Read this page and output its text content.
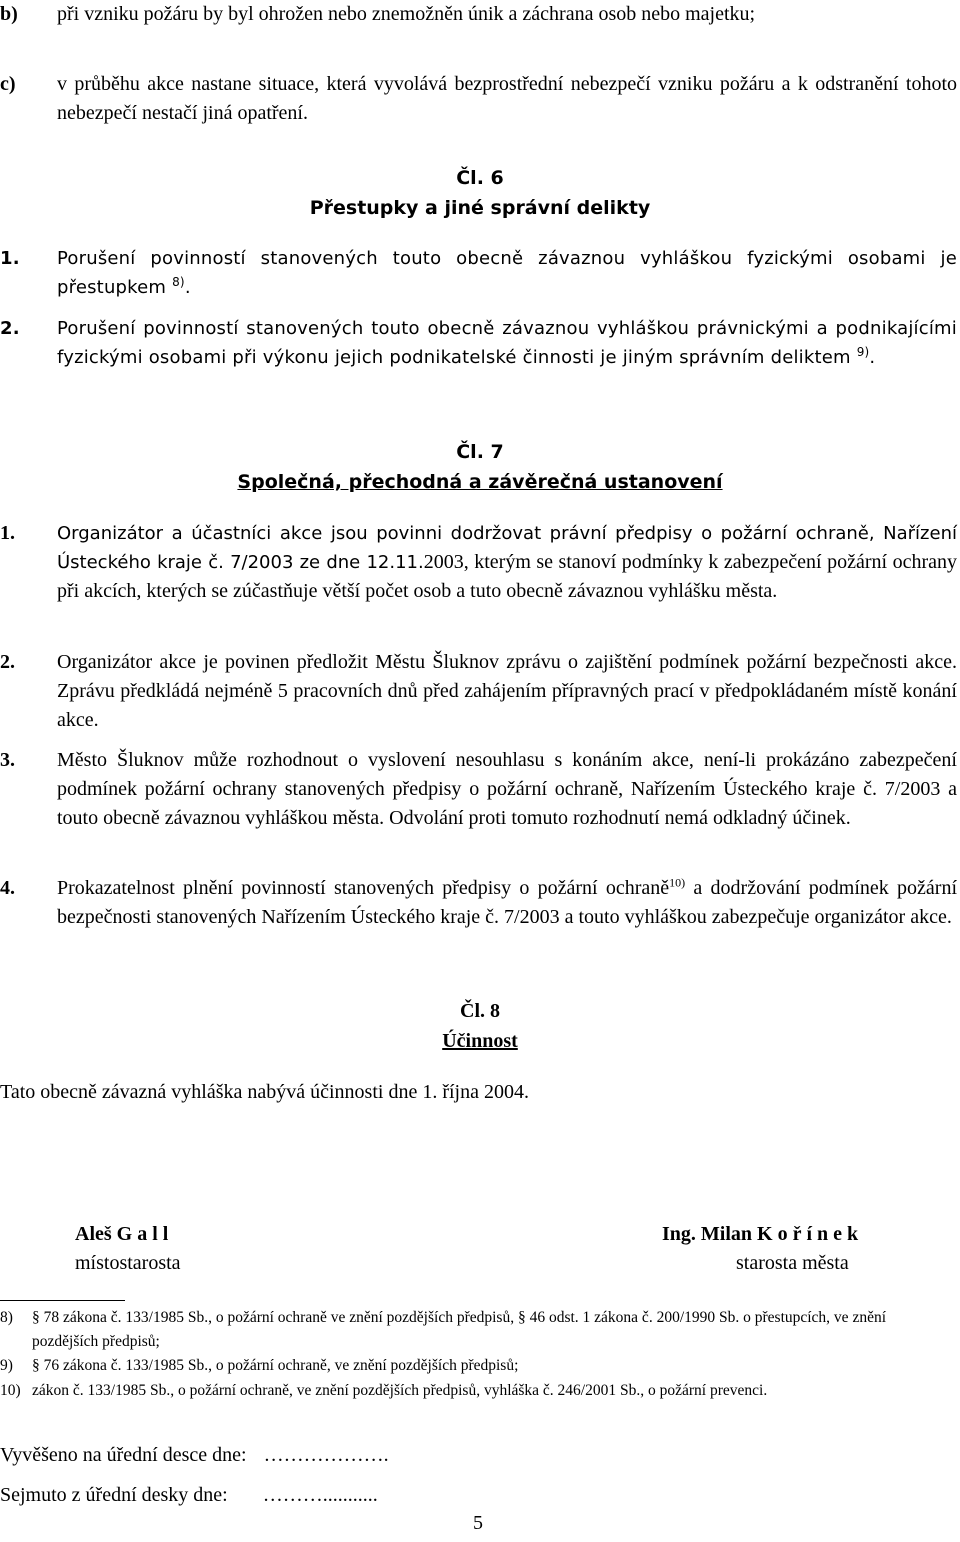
b) při vzniku požáru by byl ohrožen nebo znemožněn únik a záchrana osob nebo majetku;
c) v průběhu akce nastane situace, která vyvolává bezprostřední nebezpečí vzniku požáru a k odstranění tohoto nebezpečí nestačí jiná opatření.
Čl. 6
Přestupky a jiné správní delikty
1. Porušení povinností stanovených touto obecně závaznou vyhláškou fyzickými osobami je přestupkem $^{8)}$.
2. Porušení povinností stanovených touto obecně závaznou vyhláškou právnickými a podnikajícími fyzickými osobami při výkonu jejich podnikatelské činnosti je jiným správním deliktem $^{9)}$.
Čl. 7
Společná, přechodná a závěrečná ustanovení
1. Organizátor a účastníci akce jsou povinni dodržovat právní předpisy o požární ochraně, Nařízení Ústeckého kraje č. 7/2003 ze dne 12.11.2003, kterým se stanoví podmínky k zabezpečení požární ochrany při akcích, kterých se zúčastňuje větší počet osob a tuto obecně závaznou vyhlášku města.
2. Organizátor akce je povinen předložit Městu Šluknov zprávu o zajištění podmínek požární bezpečnosti akce. Zprávu předkládá nejméně 5 pracovních dnů před zahájením přípravných prací v předpokládaném místě konání akce.
3. Město Šluknov může rozhodnout o vyslovení nesouhlasu s konáním akce, není-li prokázáno zabezpečení podmínek požární ochrany stanovených předpisy o požární ochraně, Nařízením Ústeckého kraje č. 7/2003 a touto obecně závaznou vyhláškou města. Odvolání proti tomuto rozhodnutí nemá odkladný účinek.
4. Prokazatelnost plnění povinností stanovených předpisy o požární ochraně$^{10)}$ a dodržování podmínek požární bezpečnosti stanovených Nařízením Ústeckého kraje č. 7/2003 a touto vyhláškou zabezpečuje organizátor akce.
Čl. 8
Účinnost
Tato obecně závazná vyhláška nabývá účinnosti dne 1. října 2004.
Aleš G a l l
místostarosta
Ing. Milan K o ř í n e k
starosta města
8) § 78 zákona č. 133/1985 Sb., o požární ochraně ve znění pozdějších předpisů, § 46 odst. 1 zákona č. 200/1990 Sb. o přestupcích, ve znění pozdějších předpisů;
9) § 76 zákona č. 133/1985 Sb., o požární ochraně, ve znění pozdějších předpisů;
10) zákon č. 133/1985 Sb., o požární ochraně, ve znění pozdějších předpisů, vyhláška č. 246/2001 Sb., o požární prevenci.
Vyvěšeno na úřední desce dne: ……………….
Sejmuto z úřední desky dne: ………...........
5
